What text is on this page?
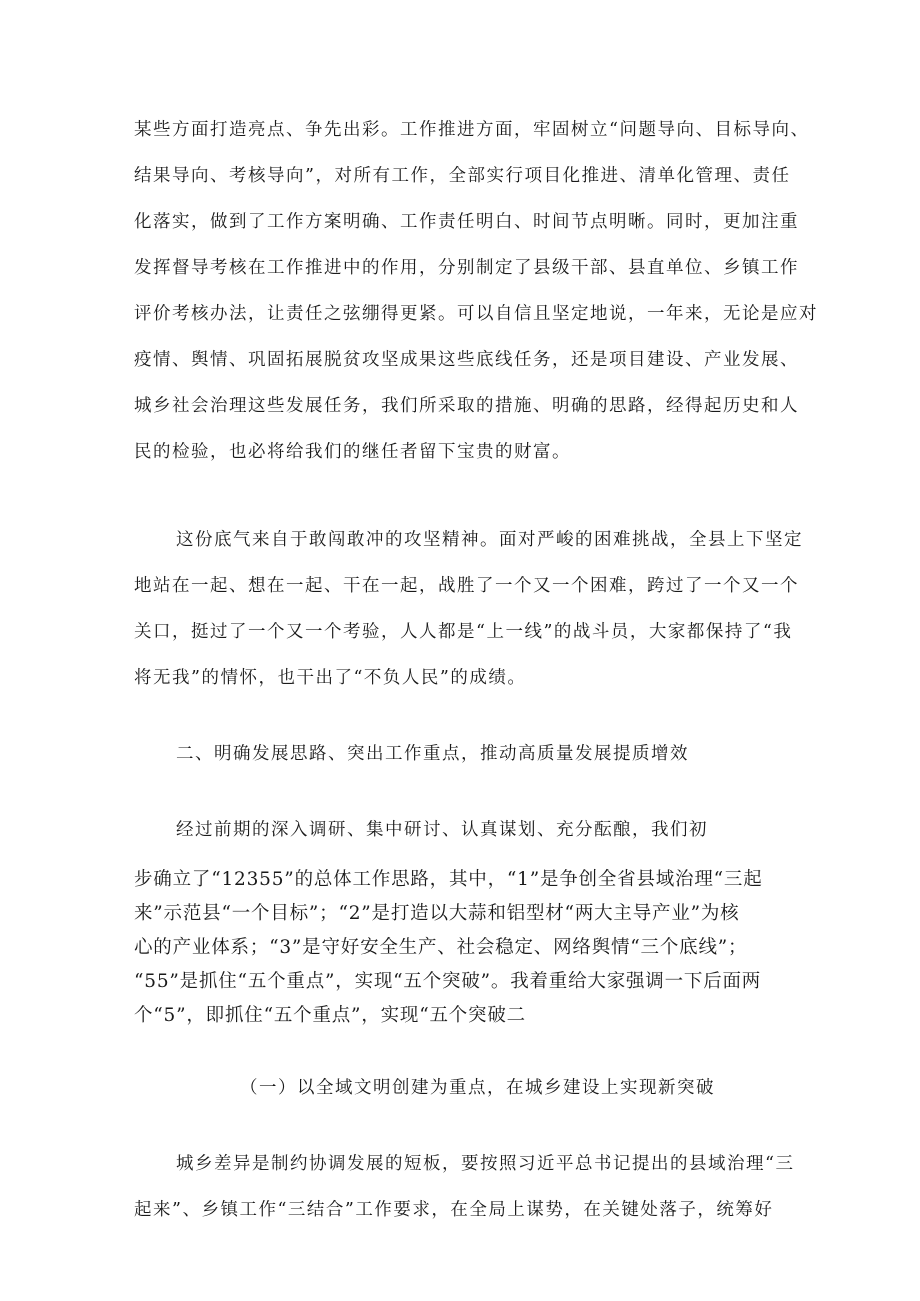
某些方面打造亮点、争先出彩。工作推进方面，牢固树立“问题导向、目标导向、
结果导向、考核导向”，对所有工作，全部实行项目化推进、清单化管理、责任
化落实，做到了工作方案明确、工作责任明白、时间节点明晰。同时，更加注重
发挥督导考核在工作推进中的作用，分别制定了县级干部、县直单位、乡镇工作
评价考核办法，让责任之弦绷得更紧。可以自信且坚定地说，一年来，无论是应对
疫情、舆情、巩固拓展脱贫攻坚成果这些底线任务，还是项目建设、产业发展、
城乡社会治理这些发展任务，我们所采取的措施、明确的思路，经得起历史和人
民的检验，也必将给我们的继任者留下宝贵的财富。
这份底气来自于敢闯敢冲的攻坚精神。面对严峻的困难挑战，全县上下坚定
地站在一起、想在一起、干在一起，战胜了一个又一个困难，跨过了一个又一个
关口，挺过了一个又一个考验，人人都是“上一线”的战斗员，大家都保持了“我
将无我”的情怀，也干出了“不负人民”的成绩。
二、明确发展思路、突出工作重点，推动高质量发展提质增效
经过前期的深入调研、集中研讨、认真谋划、充分酝酿，我们初
步确立了“12355”的总体工作思路，其中，“1”是争创全省县域治理“三起
来”示范县“一个目标”；“2”是打造以大蒜和铝型材“两大主导产业”为核
心的产业体系；“3”是守好安全生产、社会稳定、网络舆情“三个底线”；
“55”是抓住“五个重点”，实现“五个突破”。我着重给大家强调一下后面两
个“5”，即抓住“五个重点”，实现“五个突破二
（一）以全域文明创建为重点，在城乡建设上实现新突破
城乡差异是制约协调发展的短板，要按照习近平总书记提出的县域治理“三
起来”、乡镇工作“三结合”工作要求，在全局上谋势，在关键处落子，统筹好
